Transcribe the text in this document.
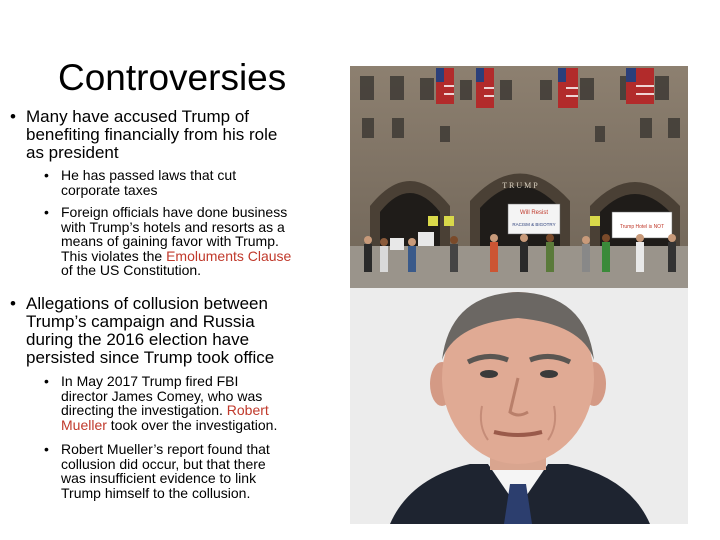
Controversies
• Many have accused Trump of
benefiting financially from his role
as president
• He has passed laws that cut
corporate taxes
• Foreign officials have done business
with Trump’s hotels and resorts as a
means of gaining favor with Trump.
This violates the Emoluments Clause
of the US Constitution.
• Allegations of collusion between
Trump’s campaign and Russia
during the 2016 election have
persisted since Trump took office
• In May 2017 Trump fired FBI
director James Comey, who was
directing the investigation. Robert
Mueller took over the investigation.
• Robert Mueller’s report found that
collusion did occur, but that there
was insufficient evidence to link
Trump himself to the collusion.
T R U M P
Will Resist
RACISM & BIGOTRY	Trump Hotel is NOT
